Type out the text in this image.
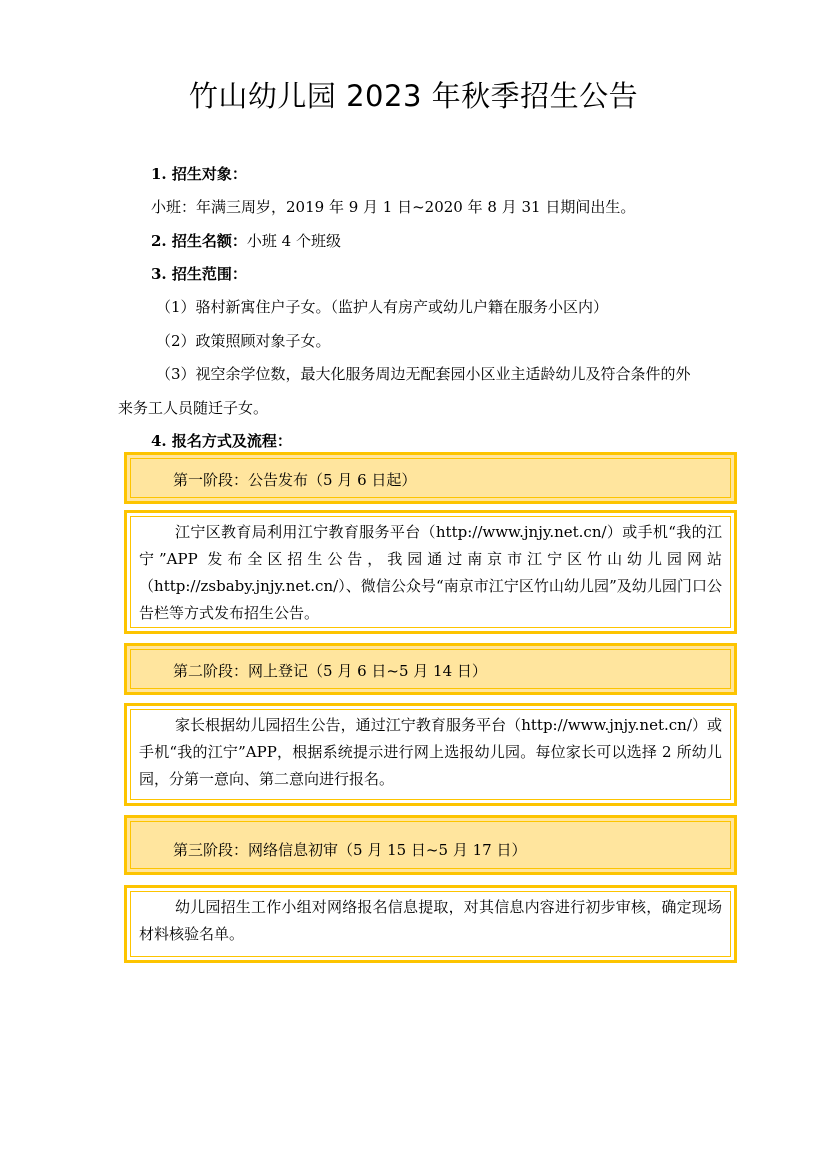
竹山幼儿园 2023 年秋季招生公告
1. 招生对象：
小班：年满三周岁，2019 年 9 月 1 日~2020 年 8 月 31 日期间出生。
2. 招生名额：小班 4 个班级
3. 招生范围：
（1）骆村新寓住户子女。（监护人有房产或幼儿户籍在服务小区内）
（2）政策照顾对象子女。
（3）视空余学位数，最大化服务周边无配套园小区业主适龄幼儿及符合条件的外
来务工人员随迁子女。
4. 报名方式及流程：
第一阶段：公告发布（5 月 6 日起）

江宁区教育局利用江宁教育服务平台（http://www.jnjy.net.cn/）或手机“我的江宁”APP 发布全区招生公告，我园通过南京市江宁区竹山幼儿园网站（http://zsbaby.jnjy.net.cn/）、微信公众号“南京市江宁区竹山幼儿园”及幼儿园门口公告栏等方式发布招生公告。

第二阶段：网上登记（5 月 6 日~5 月 14 日）

家长根据幼儿园招生公告，通过江宁教育服务平台（http://www.jnjy.net.cn/）或手机“我的江宁”APP，根据系统提示进行网上选报幼儿园。每位家长可以选择 2 所幼儿园，分第一意向、第二意向进行报名。

第三阶段：网络信息初审（5 月 15 日~5 月 17 日）

幼儿园招生工作小组对网络报名信息提取，对其信息内容进行初步审核，确定现场材料核验名单。
